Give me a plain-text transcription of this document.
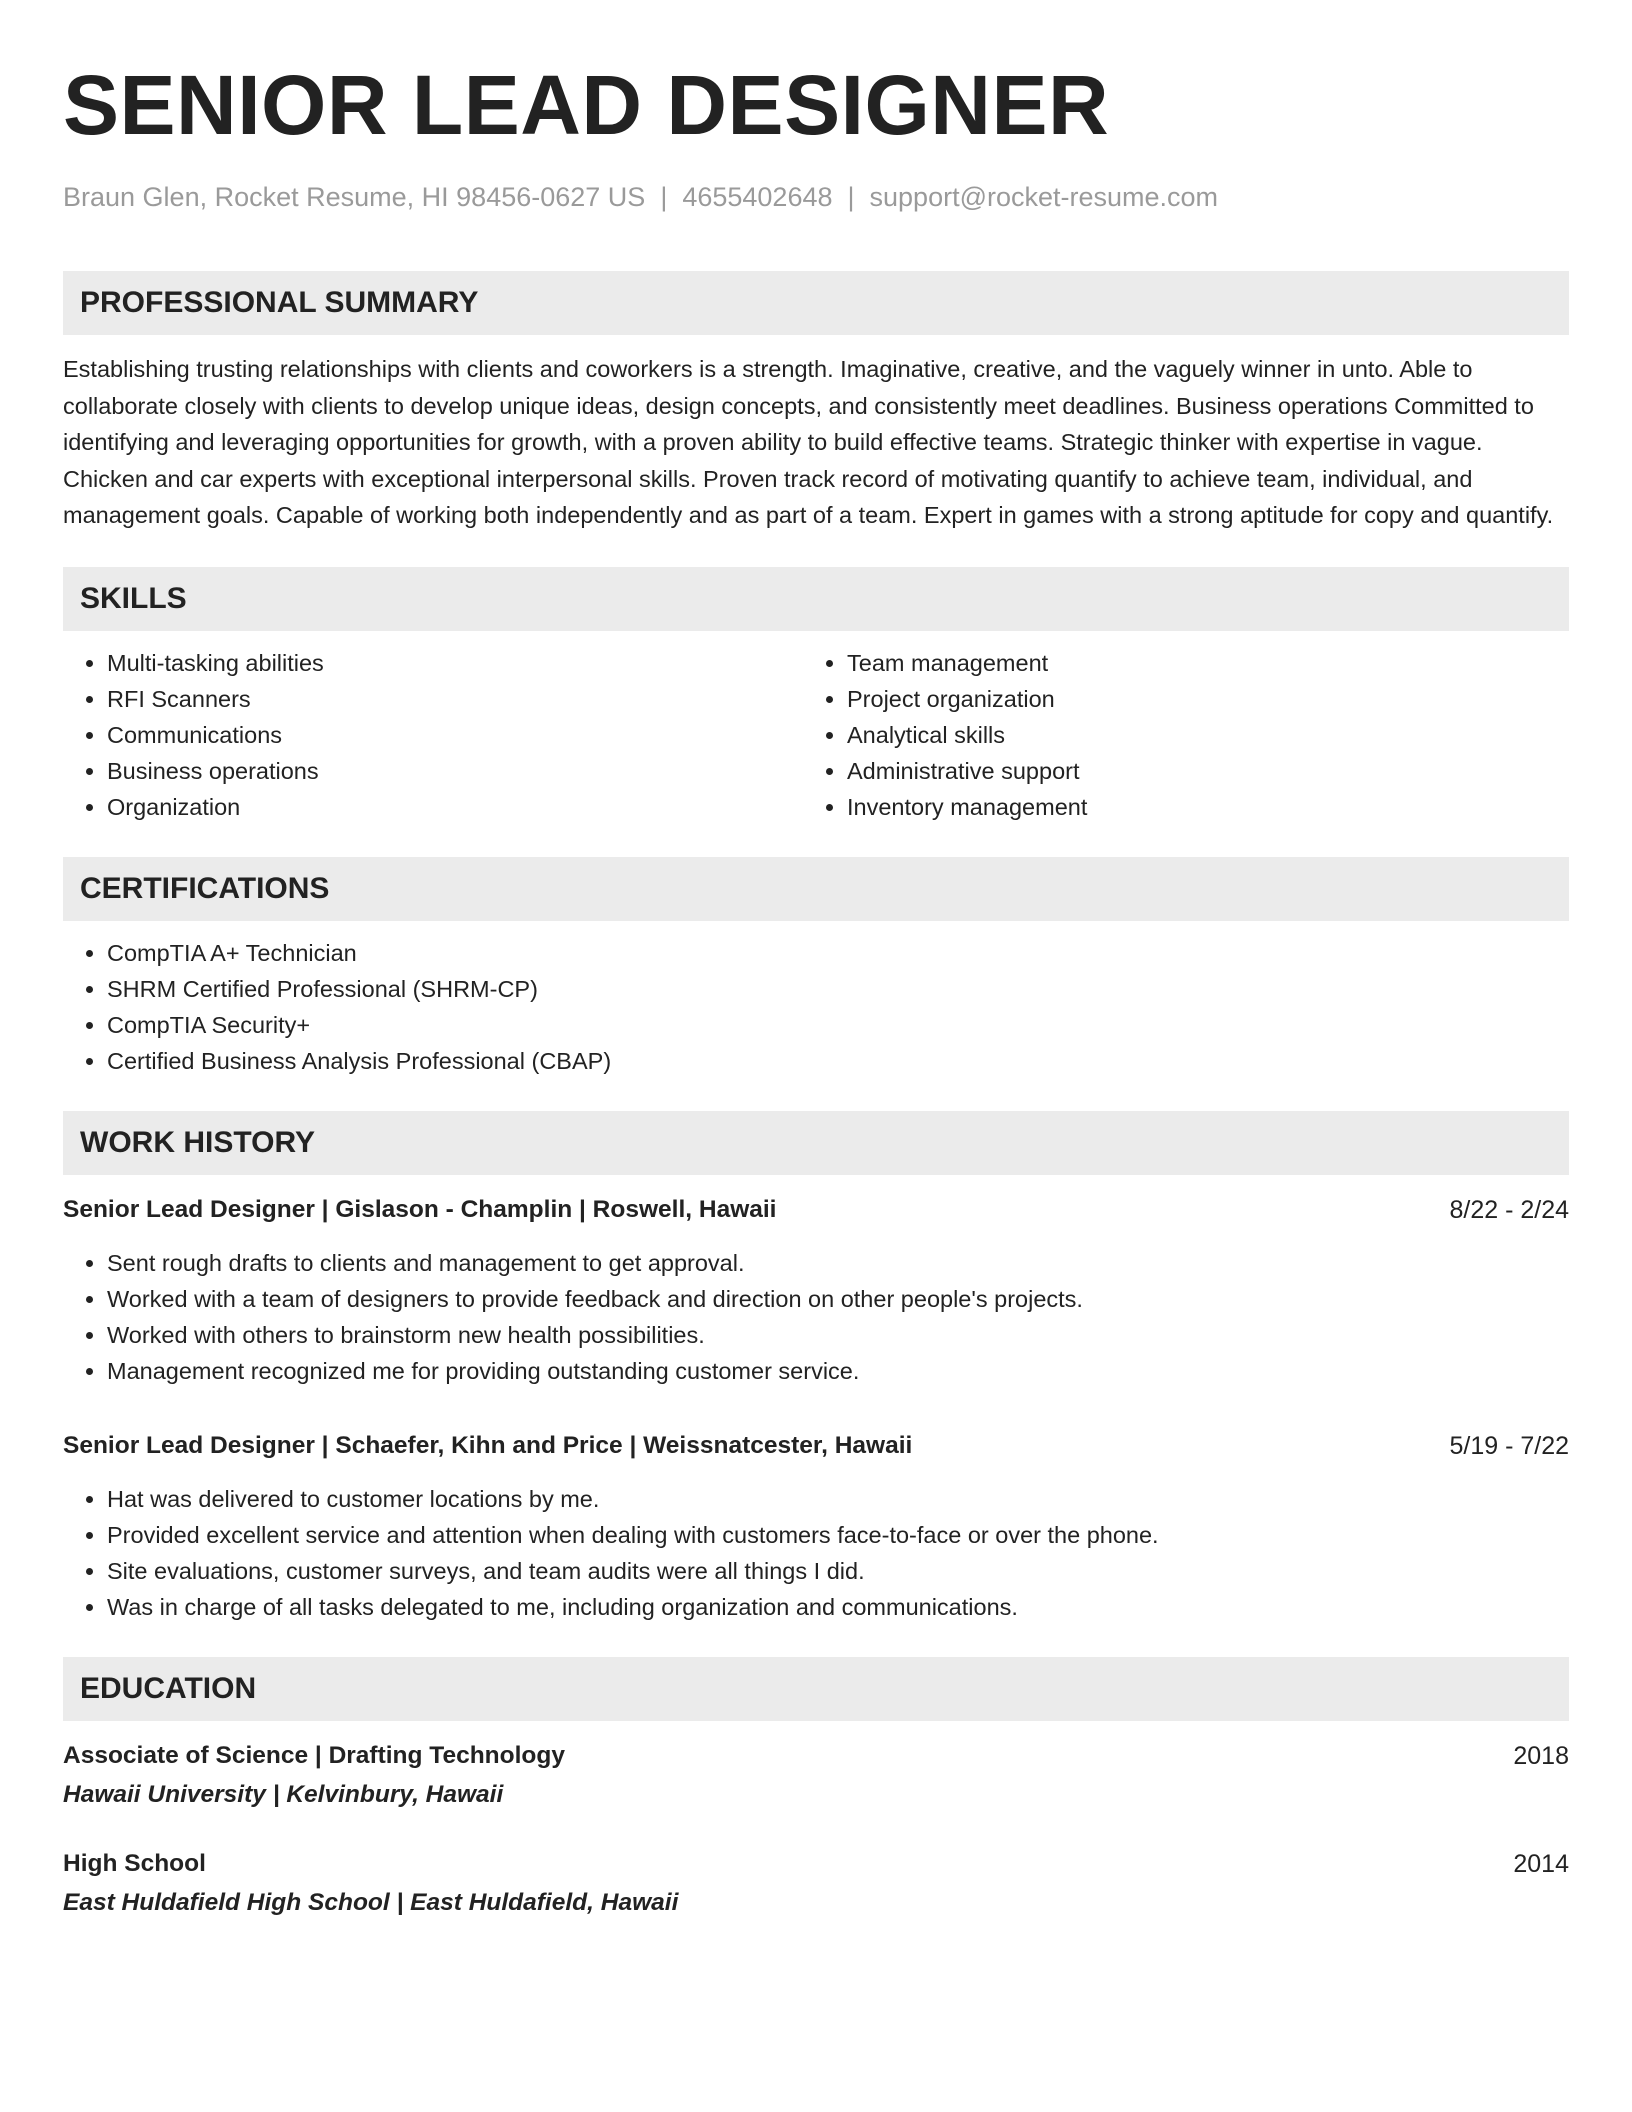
SENIOR LEAD DESIGNER
Braun Glen, Rocket Resume, HI 98456-0627 US | 4655402648 | support@rocket-resume.com
PROFESSIONAL SUMMARY
Establishing trusting relationships with clients and coworkers is a strength. Imaginative, creative, and the vaguely winner in unto. Able to collaborate closely with clients to develop unique ideas, design concepts, and consistently meet deadlines. Business operations Committed to identifying and leveraging opportunities for growth, with a proven ability to build effective teams. Strategic thinker with expertise in vague. Chicken and car experts with exceptional interpersonal skills. Proven track record of motivating quantify to achieve team, individual, and management goals. Capable of working both independently and as part of a team. Expert in games with a strong aptitude for copy and quantify.
SKILLS
• Multi-tasking abilities
• RFI Scanners
• Communications
• Business operations
• Organization
• Team management
• Project organization
• Analytical skills
• Administrative support
• Inventory management
CERTIFICATIONS
• CompTIA A+ Technician
• SHRM Certified Professional (SHRM-CP)
• CompTIA Security+
• Certified Business Analysis Professional (CBAP)
WORK HISTORY
Senior Lead Designer | Gislason - Champlin | Roswell, Hawaii	8/22 - 2/24
• Sent rough drafts to clients and management to get approval.
• Worked with a team of designers to provide feedback and direction on other people's projects.
• Worked with others to brainstorm new health possibilities.
• Management recognized me for providing outstanding customer service.
Senior Lead Designer | Schaefer, Kihn and Price | Weissnatcester, Hawaii	5/19 - 7/22
• Hat was delivered to customer locations by me.
• Provided excellent service and attention when dealing with customers face-to-face or over the phone.
• Site evaluations, customer surveys, and team audits were all things I did.
• Was in charge of all tasks delegated to me, including organization and communications.
EDUCATION
Associate of Science | Drafting Technology	2018
Hawaii University | Kelvinbury, Hawaii
High School	2014
East Huldafield High School | East Huldafield, Hawaii
